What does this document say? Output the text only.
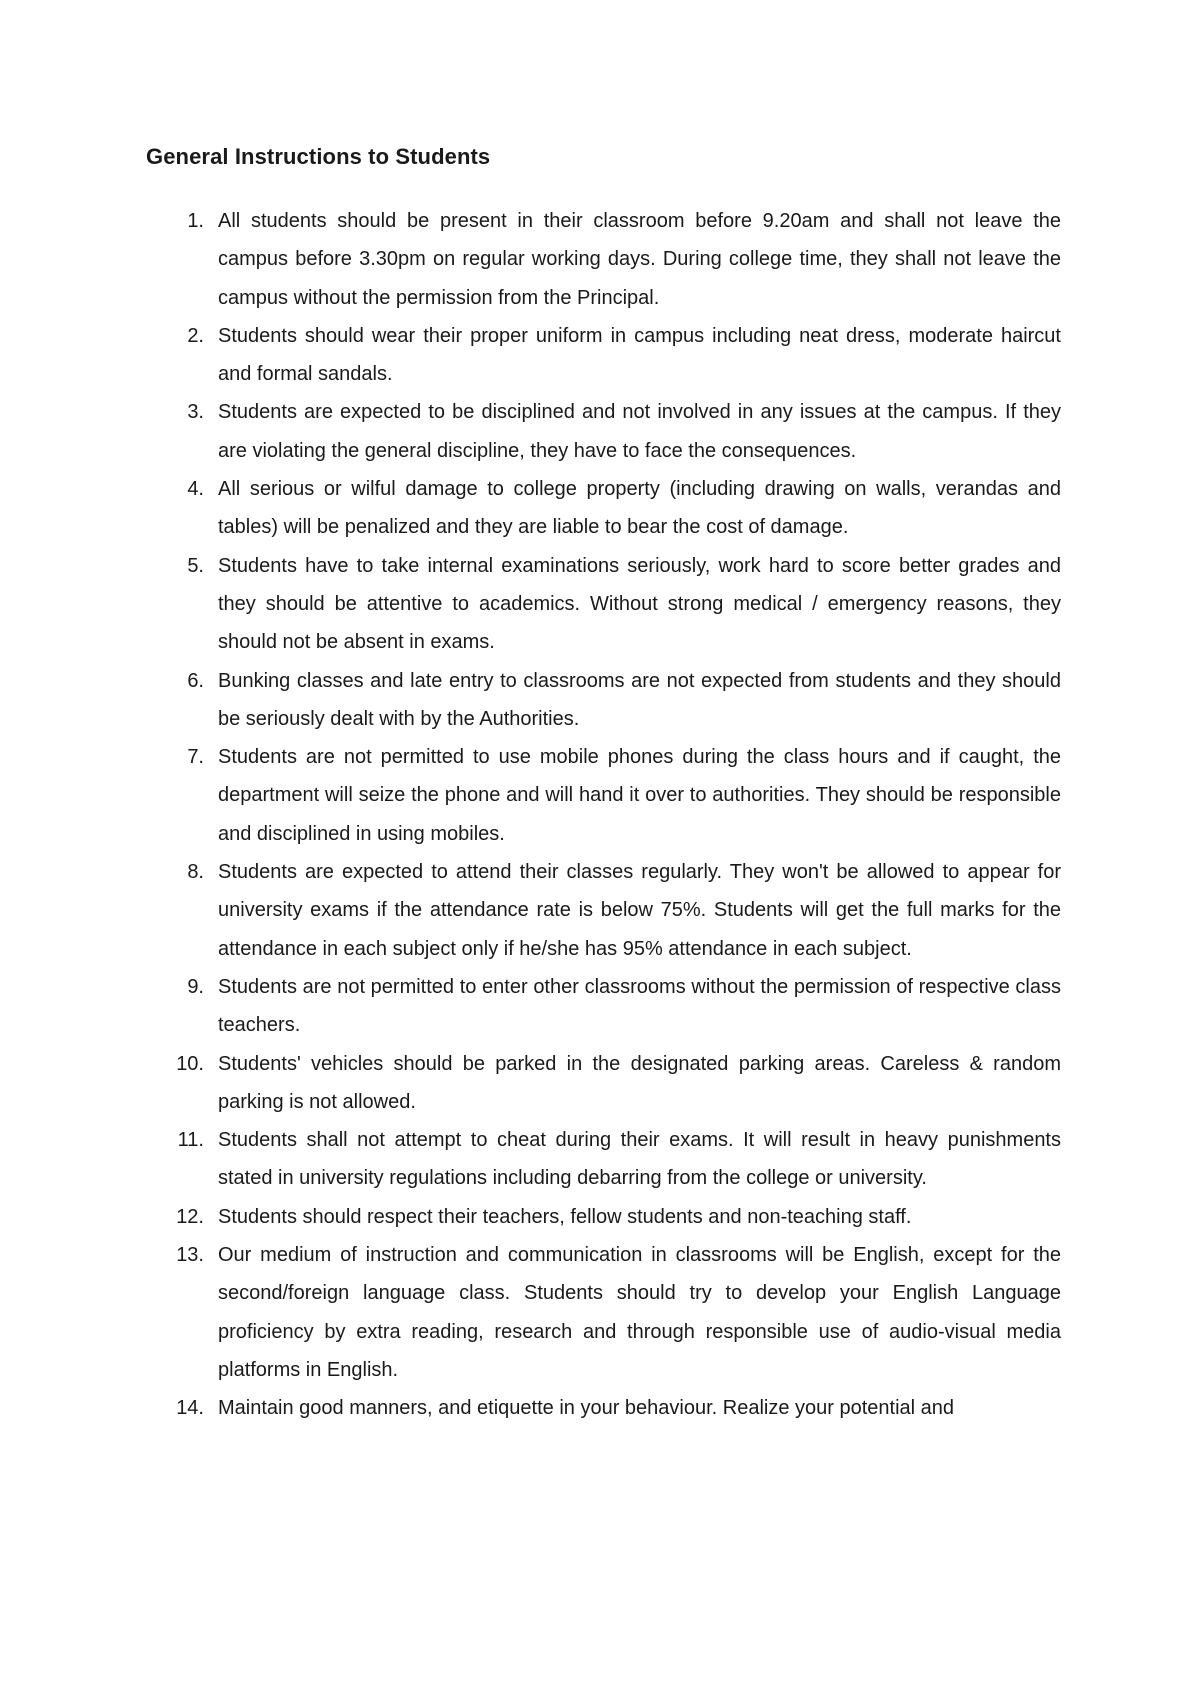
General Instructions to Students
1. All students should be present in their classroom before 9.20am and shall not leave the campus before 3.30pm on regular working days. During college time, they shall not leave the campus without the permission from the Principal.
2. Students should wear their proper uniform in campus including neat dress, moderate haircut and formal sandals.
3. Students are expected to be disciplined and not involved in any issues at the campus. If they are violating the general discipline, they have to face the consequences.
4. All serious or wilful damage to college property (including drawing on walls, verandas and tables) will be penalized and they are liable to bear the cost of damage.
5. Students have to take internal examinations seriously, work hard to score better grades and they should be attentive to academics. Without strong medical / emergency reasons, they should not be absent in exams.
6. Bunking classes and late entry to classrooms are not expected from students and they should be seriously dealt with by the Authorities.
7. Students are not permitted to use mobile phones during the class hours and if caught, the department will seize the phone and will hand it over to authorities. They should be responsible and disciplined in using mobiles.
8. Students are expected to attend their classes regularly. They won't be allowed to appear for university exams if the attendance rate is below 75%. Students will get the full marks for the attendance in each subject only if he/she has 95% attendance in each subject.
9. Students are not permitted to enter other classrooms without the permission of respective class teachers.
10. Students' vehicles should be parked in the designated parking areas. Careless & random parking is not allowed.
11. Students shall not attempt to cheat during their exams. It will result in heavy punishments stated in university regulations including debarring from the college or university.
12. Students should respect their teachers, fellow students and non-teaching staff.
13. Our medium of instruction and communication in classrooms will be English, except for the second/foreign language class. Students should try to develop your English Language proficiency by extra reading, research and through responsible use of audio-visual media platforms in English.
14. Maintain good manners, and etiquette in your behaviour. Realize your potential and
